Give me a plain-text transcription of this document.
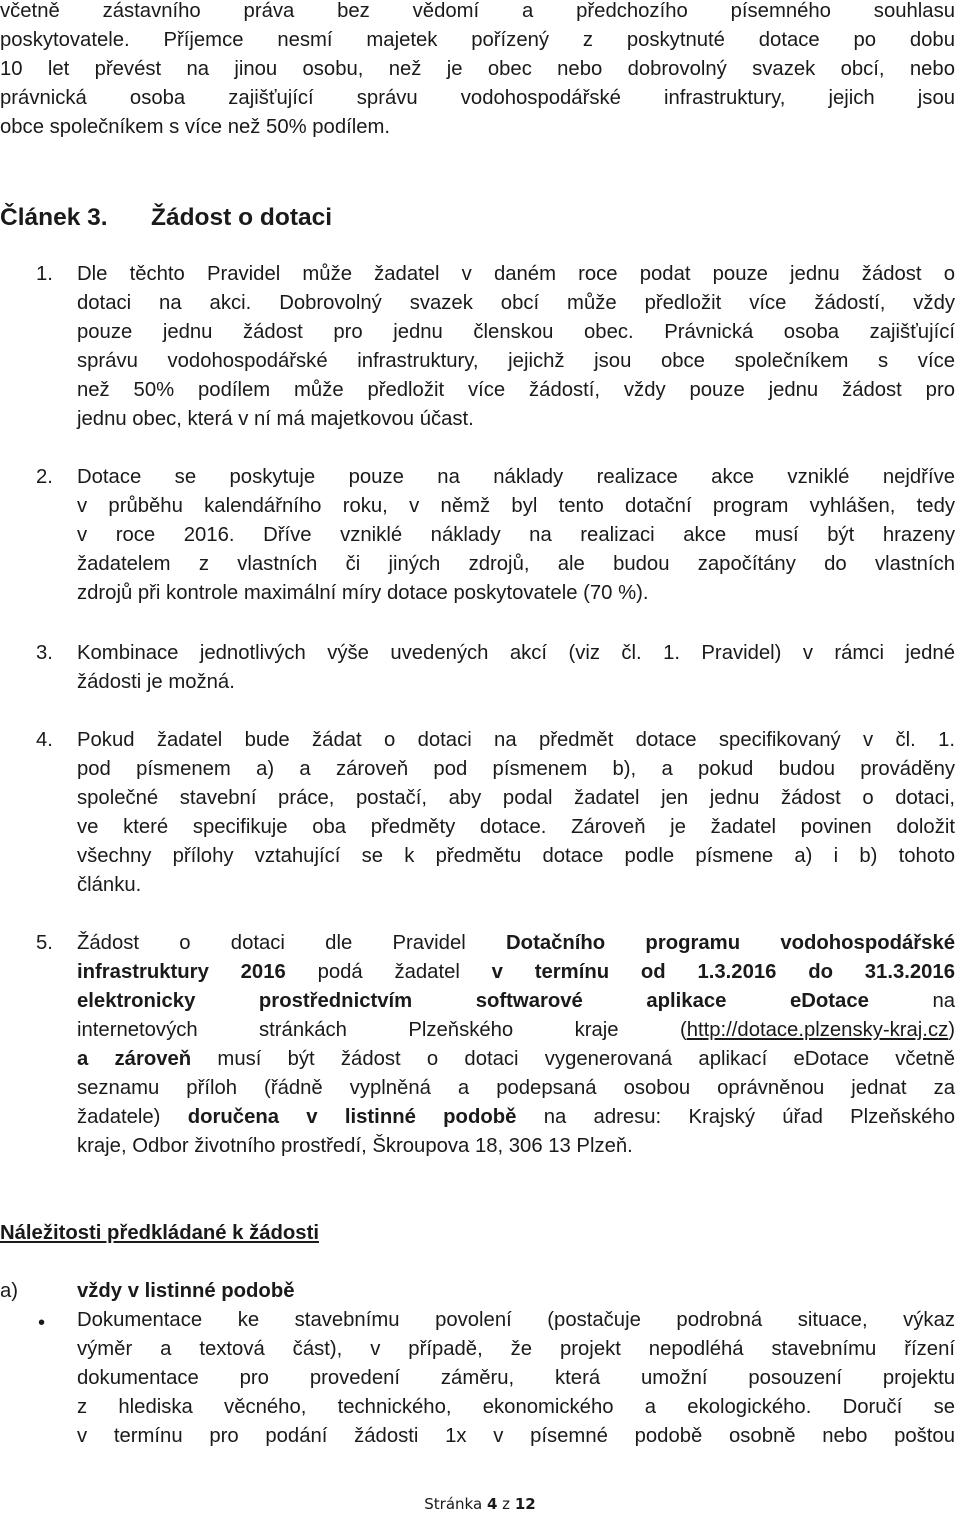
včetně zástavního práva bez vědomí a předchozího písemného souhlasu
poskytovatele. Příjemce nesmí majetek pořízený z poskytnuté dotace po dobu
10 let převést na jinou osobu, než je obec nebo dobrovolný svazek obcí, nebo
právnická osoba zajišťující správu vodohospodářské infrastruktury, jejich jsou
obce společníkem s více než 50% podílem.
Článek 3. Žádost o dotaci
1. Dle těchto Pravidel může žadatel v daném roce podat pouze jednu žádost o
dotaci na akci. Dobrovolný svazek obcí může předložit více žádostí, vždy
pouze jednu žádost pro jednu členskou obec. Právnická osoba zajišťující
správu vodohospodářské infrastruktury, jejichž jsou obce společníkem s více
než 50% podílem může předložit více žádostí, vždy pouze jednu žádost pro
jednu obec, která v ní má majetkovou účast.
2. Dotace se poskytuje pouze na náklady realizace akce vzniklé nejdříve
v průběhu kalendářního roku, v němž byl tento dotační program vyhlášen, tedy
v roce 2016. Dříve vzniklé náklady na realizaci akce musí být hrazeny
žadatelem z vlastních či jiných zdrojů, ale budou započítány do vlastních
zdrojů při kontrole maximální míry dotace poskytovatele (70 %).
3. Kombinace jednotlivých výše uvedených akcí (viz čl. 1. Pravidel) v rámci jedné
žádosti je možná.
4. Pokud žadatel bude žádat o dotaci na předmět dotace specifikovaný v čl. 1.
pod písmenem a) a zároveň pod písmenem b), a pokud budou prováděny
společné stavební práce, postačí, aby podal žadatel jen jednu žádost o dotaci,
ve které specifikuje oba předměty dotace. Zároveň je žadatel povinen doložit
všechny přílohy vztahující se k předmětu dotace podle písmene a) i b) tohoto
článku.
5. Žádost o dotaci dle Pravidel Dotačního programu vodohospodářské
infrastruktury 2016 podá žadatel v termínu od 1.3.2016 do 31.3.2016
elektronicky prostřednictvím softwarové aplikace eDotace	na
internetových stránkách Plzeňského kraje (http://dotace.plzensky-kraj.cz)
a zároveň musí být žádost o dotaci vygenerovaná aplikací eDotace včetně
seznamu příloh (řádně vyplněná a podepsaná osobou oprávněnou jednat za
žadatele) doručena v listinné podobě na adresu: Krajský úřad Plzeňského
kraje, Odbor životního prostředí, Škroupova 18, 306 13 Plzeň.
Náležitosti předkládané k žádosti
a)	vždy v listinné podobě
• Dokumentace ke stavebnímu povolení (postačuje podrobná situace, výkaz
výměr a textová část), v případě, že projekt nepodléhá stavebnímu řízení
dokumentace pro provedení záměru, která umožní posouzení projektu
z hlediska věcného, technického, ekonomického a ekologického. Doručí se
v termínu pro podání žádosti 1x v písemné podobě osobně nebo poštou
Stránka 4 z 12
